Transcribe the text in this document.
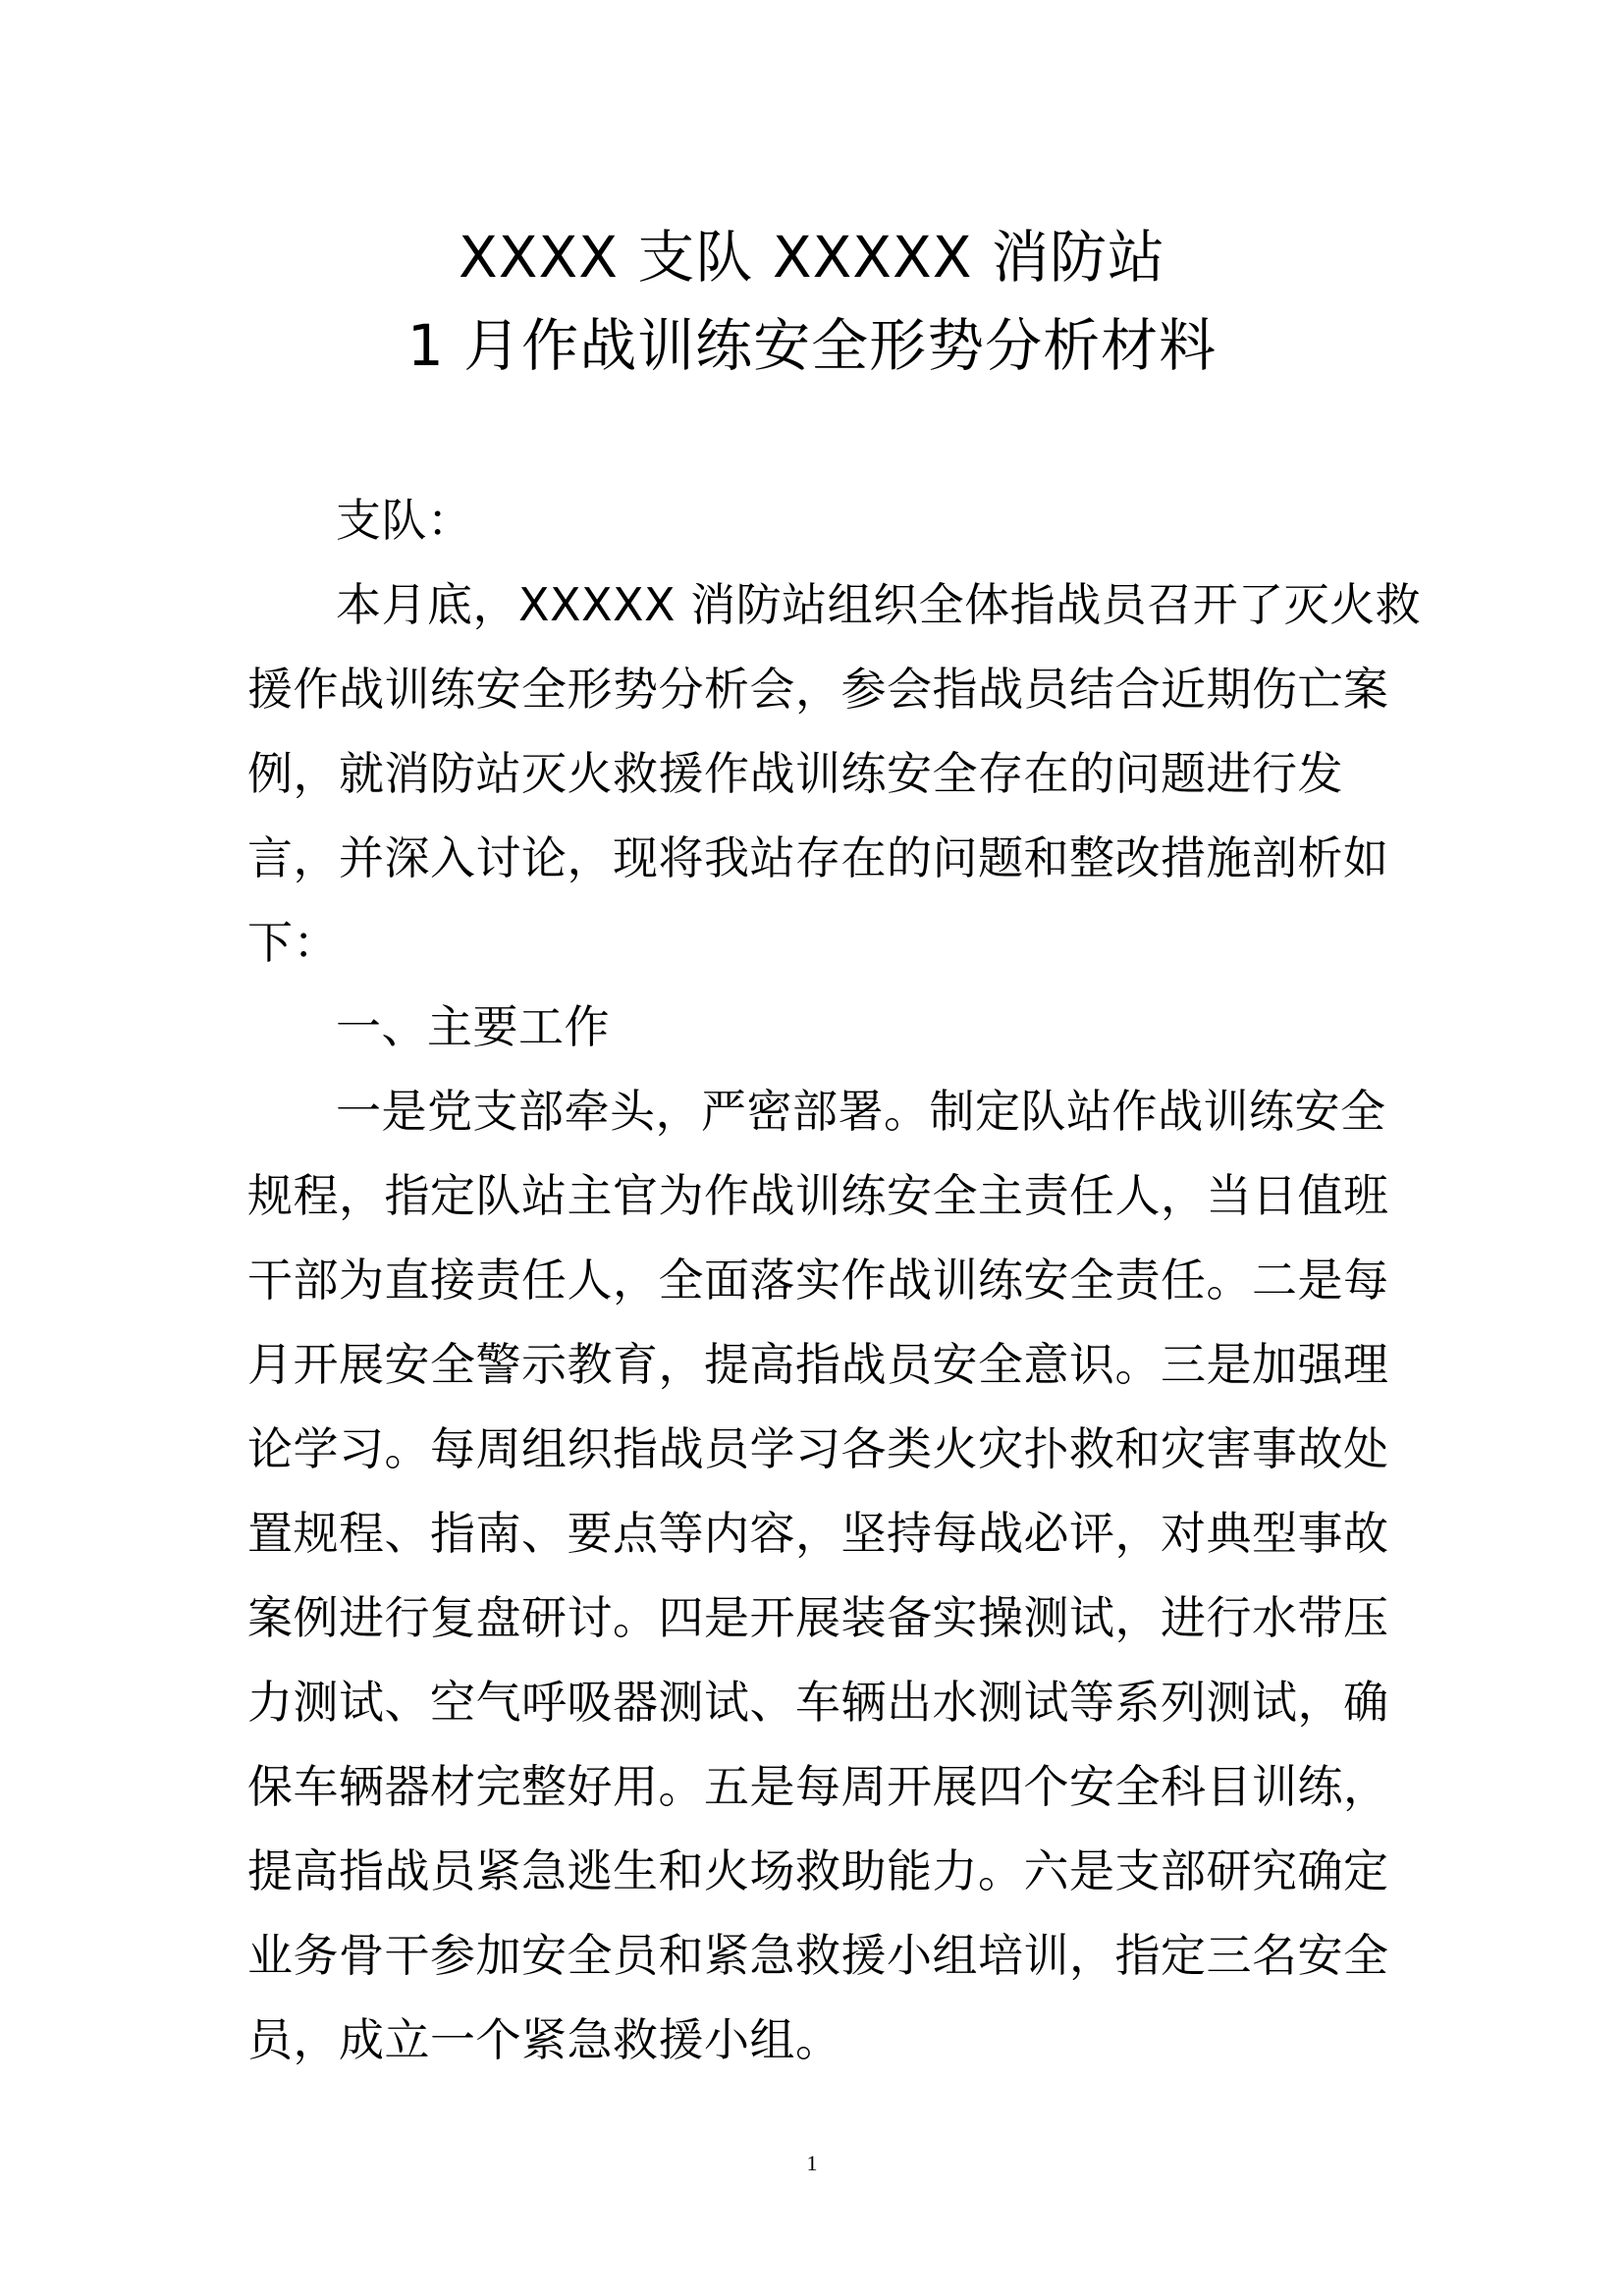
XXXX 支队 XXXXX 消防站
1 月作战训练安全形势分析材料
支队：
本月底，XXXXX 消防站组织全体指战员召开了灭火救
援作战训练安全形势分析会，参会指战员结合近期伤亡案
例，就消防站灭火救援作战训练安全存在的问题进行发
言，并深入讨论，现将我站存在的问题和整改措施剖析如
下：
一、主要工作
一是党支部牵头，严密部署。制定队站作战训练安全
规程，指定队站主官为作战训练安全主责任人，当日值班
干部为直接责任人，全面落实作战训练安全责任。二是每
月开展安全警示教育，提高指战员安全意识。三是加强理
论学习。每周组织指战员学习各类火灾扑救和灾害事故处
置规程、指南、要点等内容，坚持每战必评，对典型事故
案例进行复盘研讨。四是开展装备实操测试，进行水带压
力测试、空气呼吸器测试、车辆出水测试等系列测试，确
保车辆器材完整好用。五是每周开展四个安全科目训练，
提高指战员紧急逃生和火场救助能力。六是支部研究确定
业务骨干参加安全员和紧急救援小组培训，指定三名安全
员，成立一个紧急救援小组。
1
